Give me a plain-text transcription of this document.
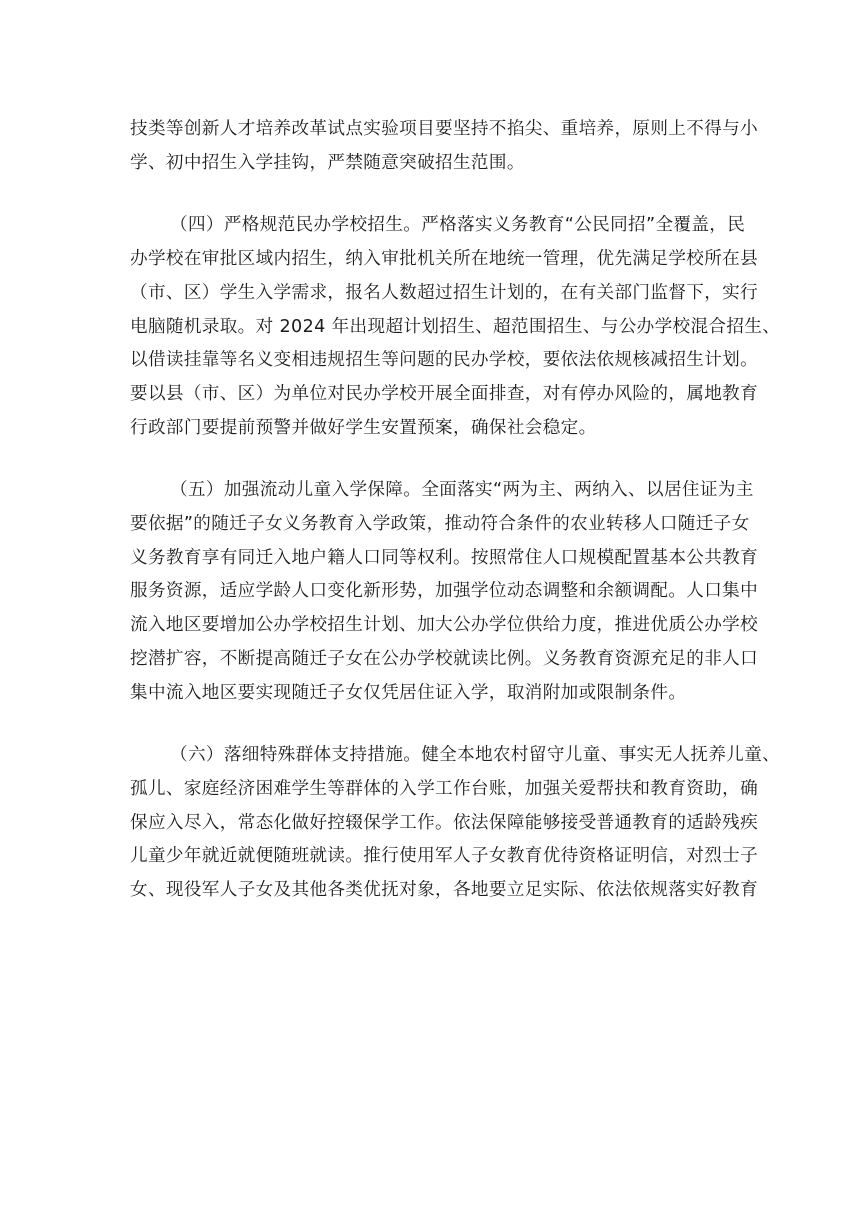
技类等创新人才培养改革试点实验项目要坚持不掐尖、重培养，原则上不得与小
学、初中招生入学挂钩，严禁随意突破招生范围。

（四）严格规范民办学校招生。严格落实义务教育“公民同招”全覆盖，民
办学校在审批区域内招生，纳入审批机关所在地统一管理，优先满足学校所在县
（市、区）学生入学需求，报名人数超过招生计划的，在有关部门监督下，实行
电脑随机录取。对 2024 年出现超计划招生、超范围招生、与公办学校混合招生、
以借读挂靠等名义变相违规招生等问题的民办学校，要依法依规核减招生计划。
要以县（市、区）为单位对民办学校开展全面排查，对有停办风险的，属地教育
行政部门要提前预警并做好学生安置预案，确保社会稳定。

（五）加强流动儿童入学保障。全面落实“两为主、两纳入、以居住证为主
要依据”的随迁子女义务教育入学政策，推动符合条件的农业转移人口随迁子女
义务教育享有同迁入地户籍人口同等权利。按照常住人口规模配置基本公共教育
服务资源，适应学龄人口变化新形势，加强学位动态调整和余额调配。人口集中
流入地区要增加公办学校招生计划、加大公办学位供给力度，推进优质公办学校
挖潜扩容，不断提高随迁子女在公办学校就读比例。义务教育资源充足的非人口
集中流入地区要实现随迁子女仅凭居住证入学，取消附加或限制条件。

（六）落细特殊群体支持措施。健全本地农村留守儿童、事实无人抚养儿童、
孤儿、家庭经济困难学生等群体的入学工作台账，加强关爱帮扶和教育资助，确
保应入尽入，常态化做好控辍保学工作。依法保障能够接受普通教育的适龄残疾
儿童少年就近就便随班就读。推行使用军人子女教育优待资格证明信，对烈士子
女、现役军人子女及其他各类优抚对象，各地要立足实际、依法依规落实好教育
